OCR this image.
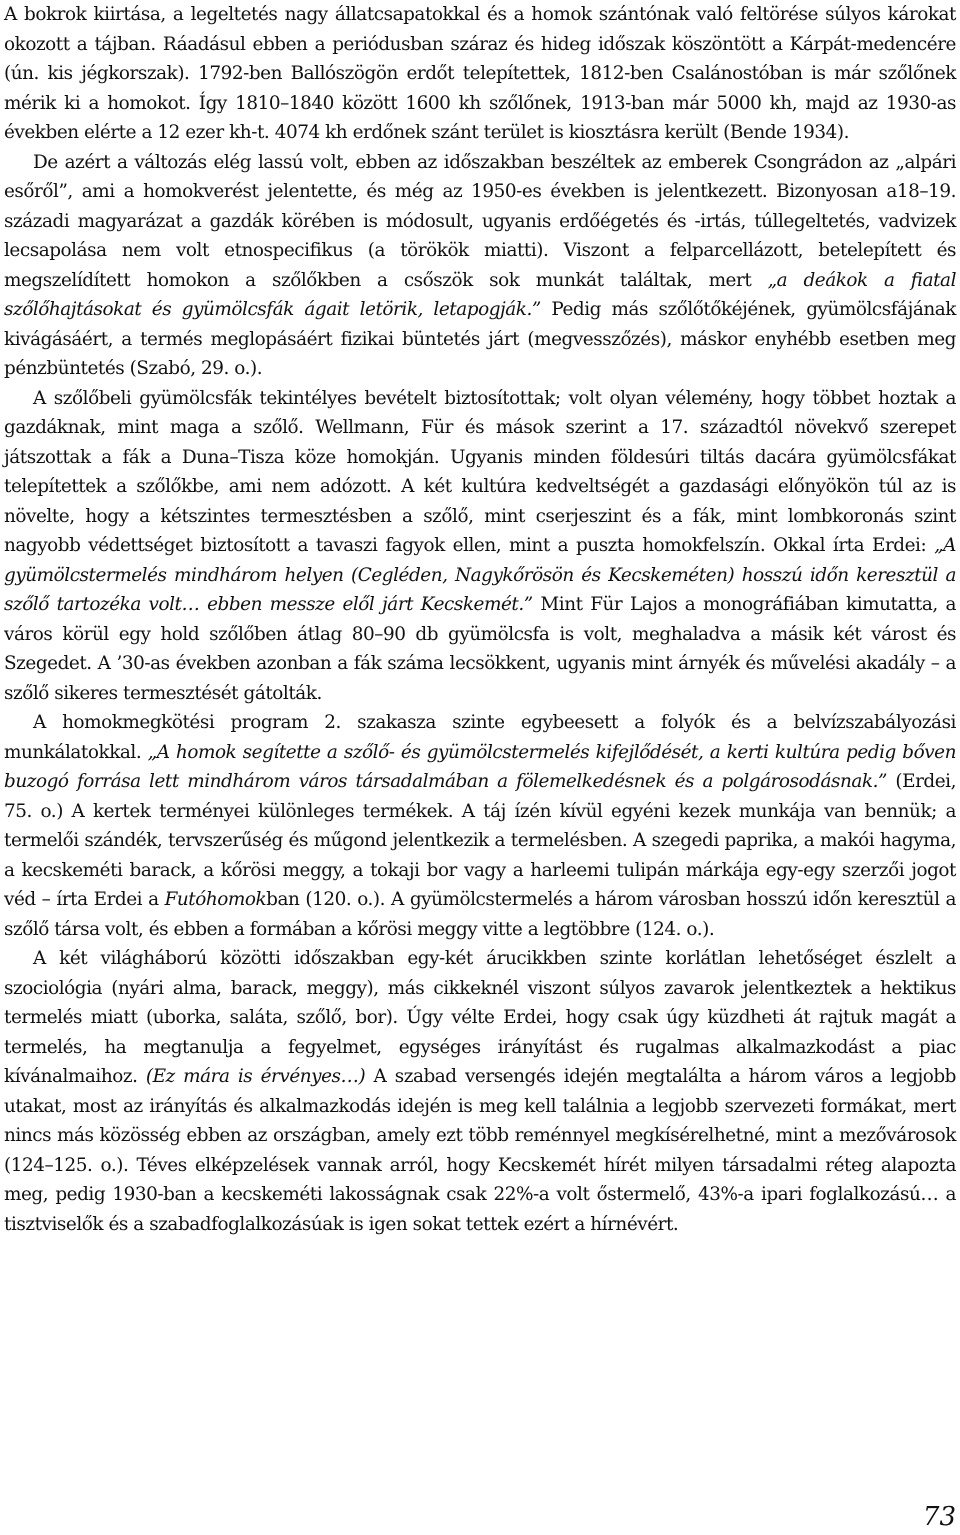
A bokrok kiirtása, a legeltetés nagy állatcsapatokkal és a homok szántónak való feltörése súlyos károkat okozott a tájban. Ráadásul ebben a periódusban száraz és hideg időszak köszöntött a Kárpát-medencére (ún. kis jégkorszak). 1792-ben Ballószögön erdőt telepítettek, 1812-ben Csalánostóban is már szőlőnek mérik ki a homokot. Így 1810–1840 között 1600 kh szőlőnek, 1913-ban már 5000 kh, majd az 1930-as években elérte a 12 ezer kh-t. 4074 kh erdőnek szánt terület is kiosztásra került (Bende 1934).

De azért a változás elég lassú volt, ebben az időszakban beszéltek az emberek Csongrádon az „alpári esőről”, ami a homokverést jelentette, és még az 1950-es években is jelentkezett. Bizonyosan a18–19. századi magyarázat a gazdák körében is módosult, ugyanis erdőégetés és -irtás, túllegeltetés, vadvizek lecsapolása nem volt etnospecifikus (a törökök miatti). Viszont a felparcellázott, betelepített és megszelídített homokon a szőlőkben a csőszök sok munkát találtak, mert „a deákok a fiatal szőlőhajtásokat és gyümölcsfák ágait letörik, letapogják.” Pedig más szőlőtőkéjének, gyümölcsfájának kivágásáért, a termés meglopásáért fizikai büntetés járt (megvesszőzés), máskor enyhébb esetben meg pénzbüntetés (Szabó, 29. o.).

A szőlőbeli gyümölcsfák tekintélyes bevételt biztosítottak; volt olyan vélemény, hogy többet hoztak a gazdáknak, mint maga a szőlő. Wellmann, Für és mások szerint a 17. századtól növekvő szerepet játszottak a fák a Duna–Tisza köze homokján. Ugyanis minden földesúri tiltás dacára gyümölcsfákat telepítettek a szőlőkbe, ami nem adózott. A két kultúra kedveltségét a gazdasági előnyökön túl az is növelte, hogy a kétszintes termesztésben a szőlő, mint cserjeszint és a fák, mint lombkoronás szint nagyobb védettséget biztosított a tavaszi fagyok ellen, mint a puszta homokfelszín. Okkal írta Erdei: „A gyümölcstermelés mindhárom helyen (Cegléden, Nagykőrösön és Kecskeméten) hosszú időn keresztül a szőlő tartozéka volt… ebben messze elől járt Kecskemét.” Mint Für Lajos a monográfiában kimutatta, a város körül egy hold szőlőben átlag 80–90 db gyümölcsfa is volt, meghaladva a másik két várost és Szegedet. A ’30-as években azonban a fák száma lecsökkent, ugyanis mint árnyék és művelési akadály – a szőlő sikeres termesztését gátolták.

A homokmegkötési program 2. szakasza szinte egybeesett a folyók és a belvízszabályozási munkálatokkal. „A homok segítette a szőlő- és gyümölcstermelés kifejlődését, a kerti kultúra pedig bőven buzogó forrása lett mindhárom város társadalmában a fölemelkedésnek és a polgárosodásnak.” (Erdei, 75. o.) A kertek terményei különleges termékek. A táj ízén kívül egyéni kezek munkája van bennük; a termelői szándék, tervszerűség és műgond jelentkezik a termelésben. A szegedi paprika, a makói hagyma, a kecskeméti barack, a kőrösi meggy, a tokaji bor vagy a harleemi tulipán márkája egy-egy szerzői jogot véd – írta Erdei a Futóhomokban (120. o.). A gyümölcstermelés a három városban hosszú időn keresztül a szőlő társa volt, és ebben a formában a kőrösi meggy vitte a legtöbbre (124. o.).

A két világháború közötti időszakban egy-két árucikkben szinte korlátlan lehetőséget észlelt a szociológia (nyári alma, barack, meggy), más cikkeknél viszont súlyos zavarok jelentkeztek a hektikus termelés miatt (uborka, saláta, szőlő, bor). Úgy vélte Erdei, hogy csak úgy küzdheti át rajtuk magát a termelés, ha megtanulja a fegyelmet, egységes irányítást és rugalmas alkalmazkodást a piac kívánalmaihoz. (Ez mára is érvényes…) A szabad versengés idején megtalálta a három város a legjobb utakat, most az irányítás és alkalmazkodás idején is meg kell találnia a legjobb szervezeti formákat, mert nincs más közösség ebben az országban, amely ezt több reménnyel megkísérelhetné, mint a mezővárosok (124–125. o.). Téves elképzelések vannak arról, hogy Kecskemét hírét milyen társadalmi réteg alapozta meg, pedig 1930-ban a kecskeméti lakosságnak csak 22%-a volt őstermelő, 43%-a ipari foglalkozású… a tisztviselők és a szabadfoglalkozásúak is igen sokat tettek ezért a hírnévért.

73
